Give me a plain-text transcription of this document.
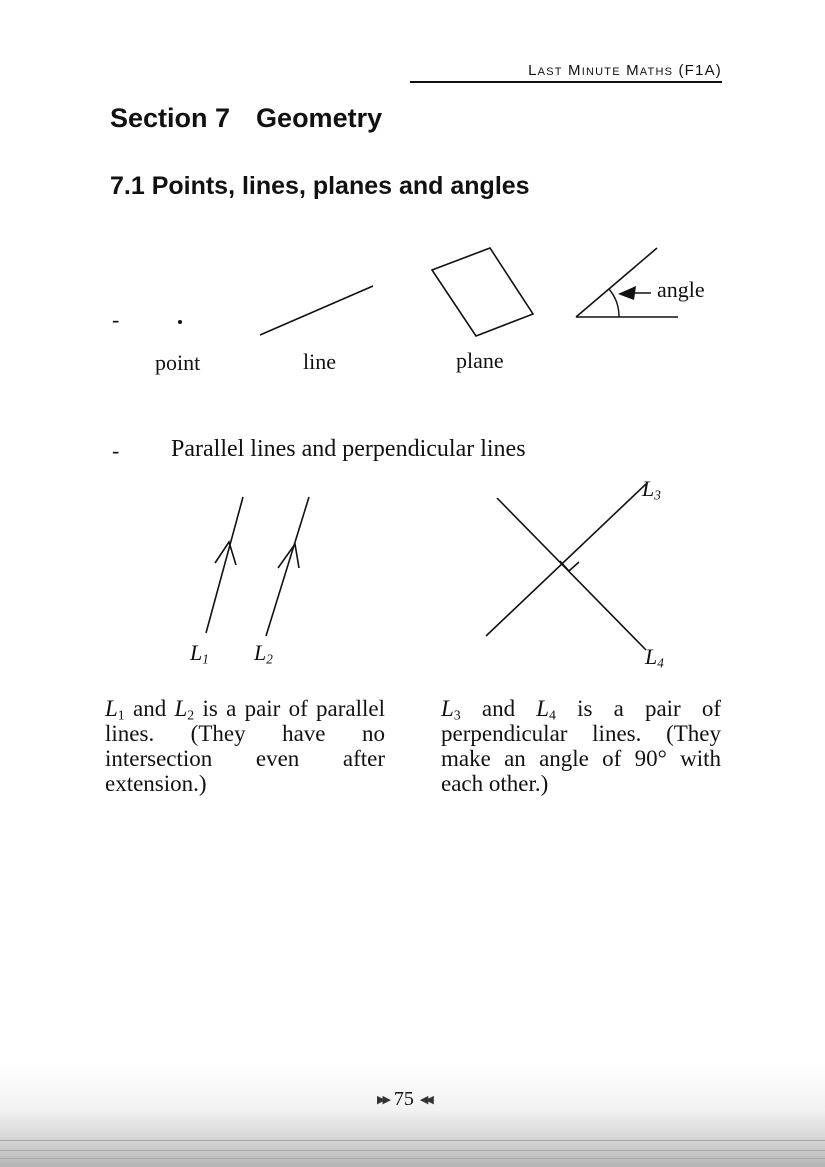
Last Minute Maths (F1A)
Section 7 Geometry
7.1 Points, lines, planes and angles
-
point	line	plane
angle
- Parallel lines and perpendicular lines
$L_1$ $L_2$
$L_3$
$L_4$
$L_1$ and $L_2$ is a pair of parallel lines. (They have no intersection even after extension.)
$L_3$ and $L_4$ is a pair of perpendicular lines. (They make an angle of 90° with each other.)
▶▶ 75 ◀◀
